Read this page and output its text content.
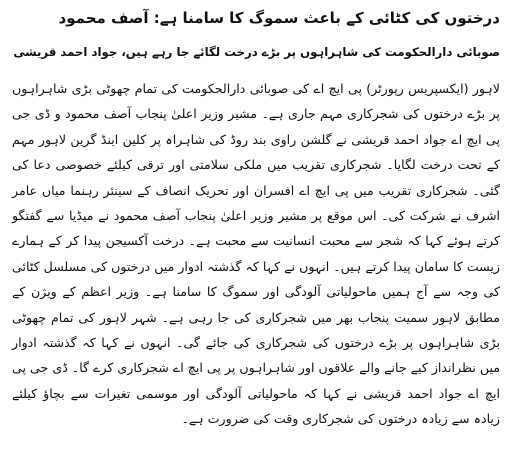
درختوں کی کٹائی کے باعث سموگ کا سامنا ہے: آصف محمود
صوبائی دارالحکومت کی شاہراہوں پر بڑے درخت لگائے جا رہے ہیں، جواد احمد قریشی

لاہور (ایکسپریس رپورٹر) پی ایچ اے کی صوبائی دارالحکومت کی تمام چھوٹی بڑی شاہراہوں پر بڑے درختوں کی شجرکاری مہم جاری ہے۔ مشیر وزیر اعلیٰ پنجاب آصف محمود و ڈی جی پی ایچ اے جواد احمد قریشی نے گلشن راوی بند روڈ کی شاہراہ پر کلین اینڈ گرین لاہور مہم کے تحت درخت لگایا۔ شجرکاری تقریب میں ملکی سلامتی اور ترقی کیلئے خصوصی دعا کی گئی۔ شجرکاری تقریب میں پی ایچ اے افسران اور تحریک انصاف کے سینئر رہنما میاں عامر اشرف نے شرکت کی۔ اس موقع پر مشیر وزیر اعلیٰ پنجاب آصف محمود نے میڈیا سے گفتگو کرتے ہوئے کہا کہ شجر سے محبت انسانیت سے محبت ہے۔ درخت آکسیجن پیدا کر کے ہمارے زیست کا سامان پیدا کرتے ہیں۔ انہوں نے کہا کہ گذشتہ ادوار میں درختوں کی مسلسل کٹائی کی وجہ سے آج ہمیں ماحولیاتی آلودگی اور سموگ کا سامنا ہے۔ وزیر اعظم کے ویژن کے مطابق لاہور سمیت پنجاب بھر میں شجرکاری کی جا رہی ہے۔ شہر لاہور کی تمام چھوٹی بڑی شاہراہوں پر بڑے درختوں کی شجرکاری کی جائے گی۔ انہوں نے کہا کہ گذشتہ ادوار میں نظرانداز کیے جانے والے علاقوں اور شاہراہوں پر پی ایچ اے شجرکاری کرے گا۔ ڈی جی پی ایچ اے جواد احمد قریشی نے کہا کہ ماحولیاتی آلودگی اور موسمی تغیرات سے بچاؤ کیلئے زیادہ سے زیادہ درختوں کی شجرکاری وقت کی ضرورت ہے۔
